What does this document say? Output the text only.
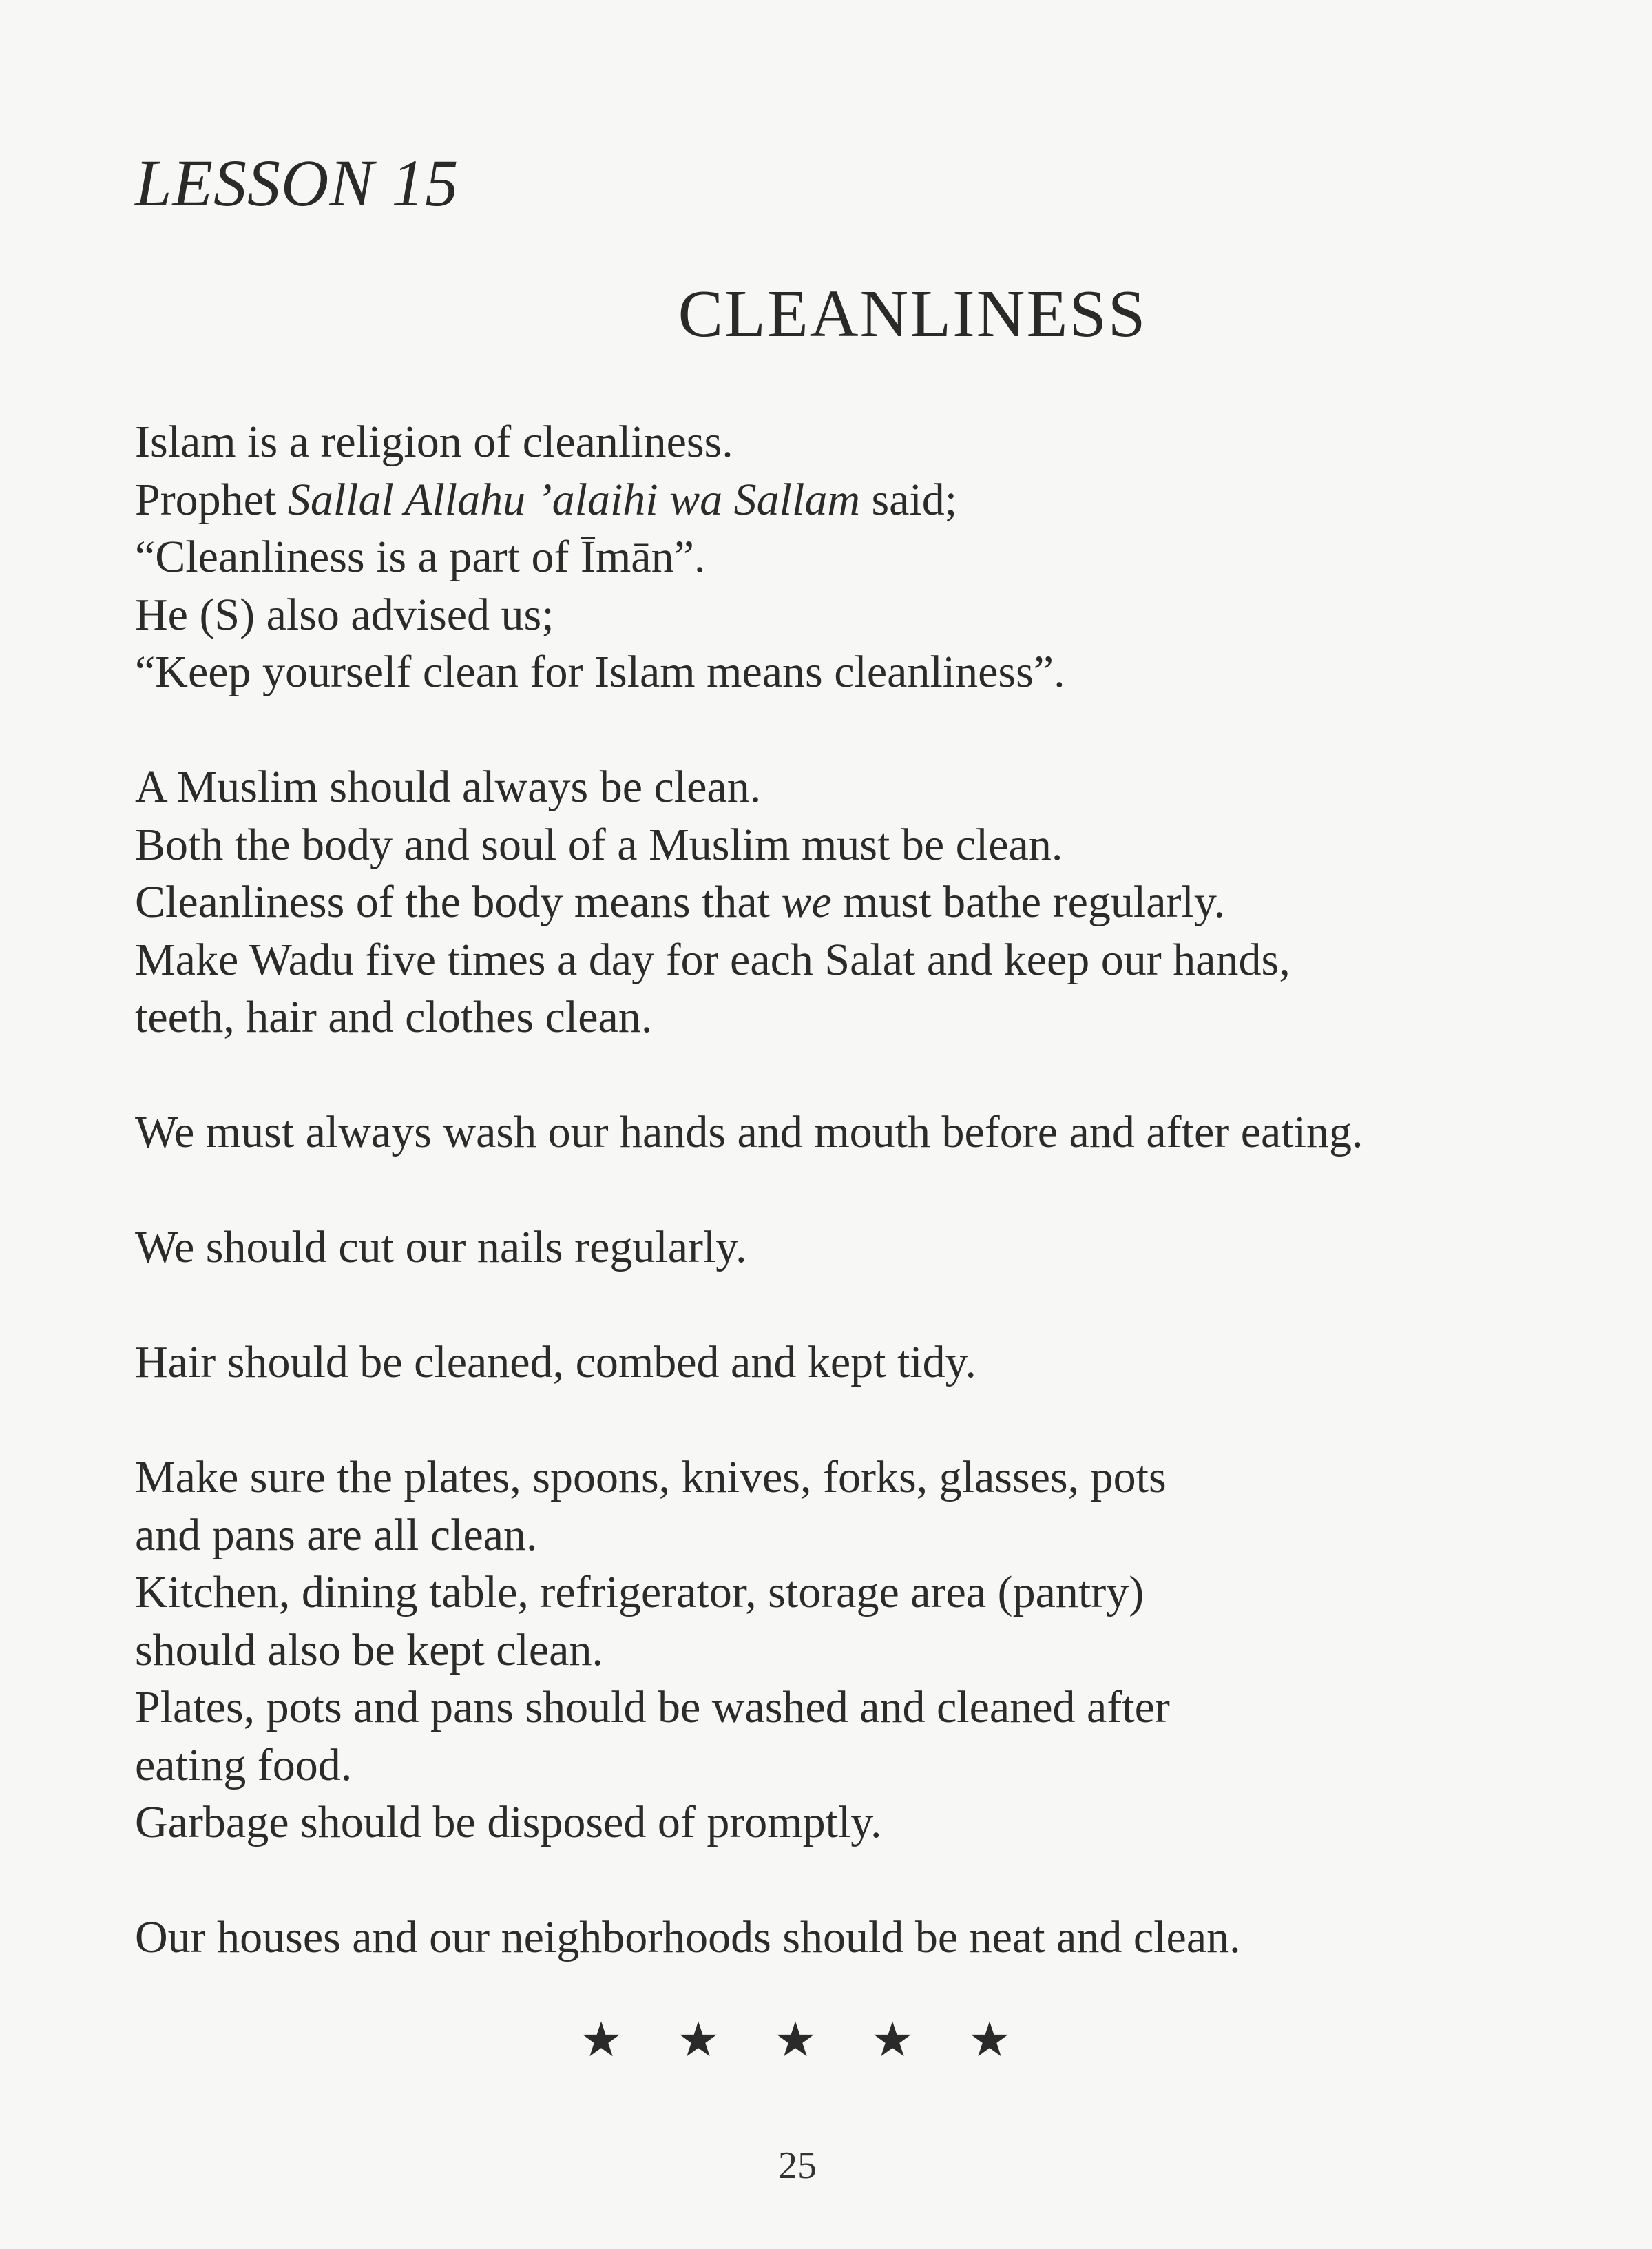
LESSON 15
CLEANLINESS
Islam is a religion of cleanliness.
Prophet Sallal Allahu ’alaihi wa Sallam said;
“Cleanliness is a part of Īmān”.
He (S) also advised us;
“Keep yourself clean for Islam means cleanliness”.
A Muslim should always be clean.
Both the body and soul of a Muslim must be clean.
Cleanliness of the body means that we must bathe regularly.
Make Wadu five times a day for each Salat and keep our hands,
teeth, hair and clothes clean.
We must always wash our hands and mouth before and after eating.
We should cut our nails regularly.
Hair should be cleaned, combed and kept tidy.
Make sure the plates, spoons, knives, forks, glasses, pots
and pans are all clean.
Kitchen, dining table, refrigerator, storage area (pantry)
should also be kept clean.
Plates, pots and pans should be washed and cleaned after
eating food.
Garbage should be disposed of promptly.
Our houses and our neighborhoods should be neat and clean.
★ ★ ★ ★ ★
25
